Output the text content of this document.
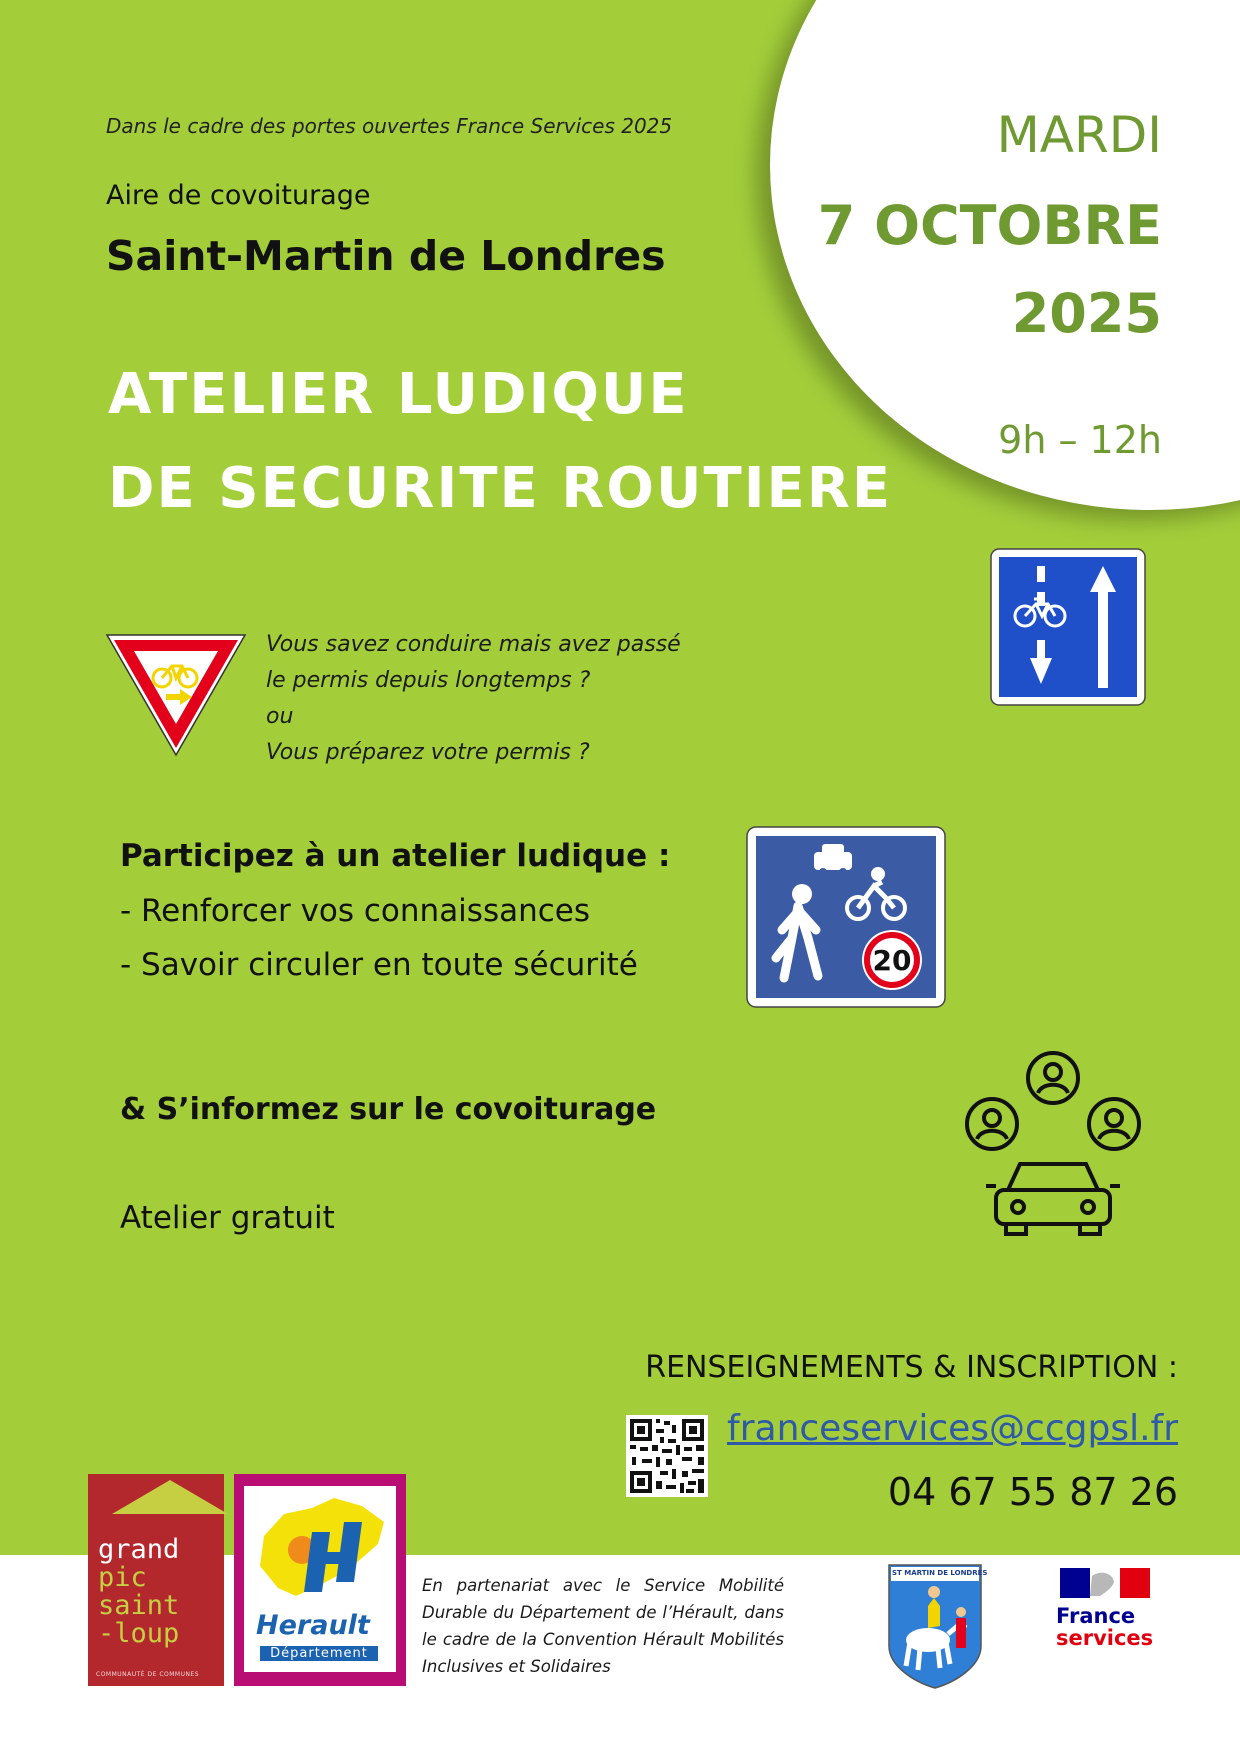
Dans le cadre des portes ouvertes France Services 2025

Aire de covoiturage

Saint-Martin de Londres

ATELIER LUDIQUE

DE SECURITE ROUTIERE

MARDI

7 OCTOBRE

2025

9h – 12h

Vous savez conduire mais avez passé

le permis depuis longtemps ?

ou

Vous préparez votre permis ?

Participez à un atelier ludique :

- Renforcer vos connaissances

- Savoir circuler en toute sécurité	20

& S’informez sur le covoiturage

Atelier gratuit

RENSEIGNEMENTS & INSCRIPTION :

franceservices@ccgpsl.fr

04 67 55 87 26

grand
pic
saint
-loup
COMMUNAUTÉ DE COMMUNES
Herault
Département

En partenariat avec le Service Mobilité Durable du Département de l’Hérault, dans le cadre de la Convention Hérault Mobilités Inclusives et Solidaires

ST MARTIN DE LONDRES
France
services
